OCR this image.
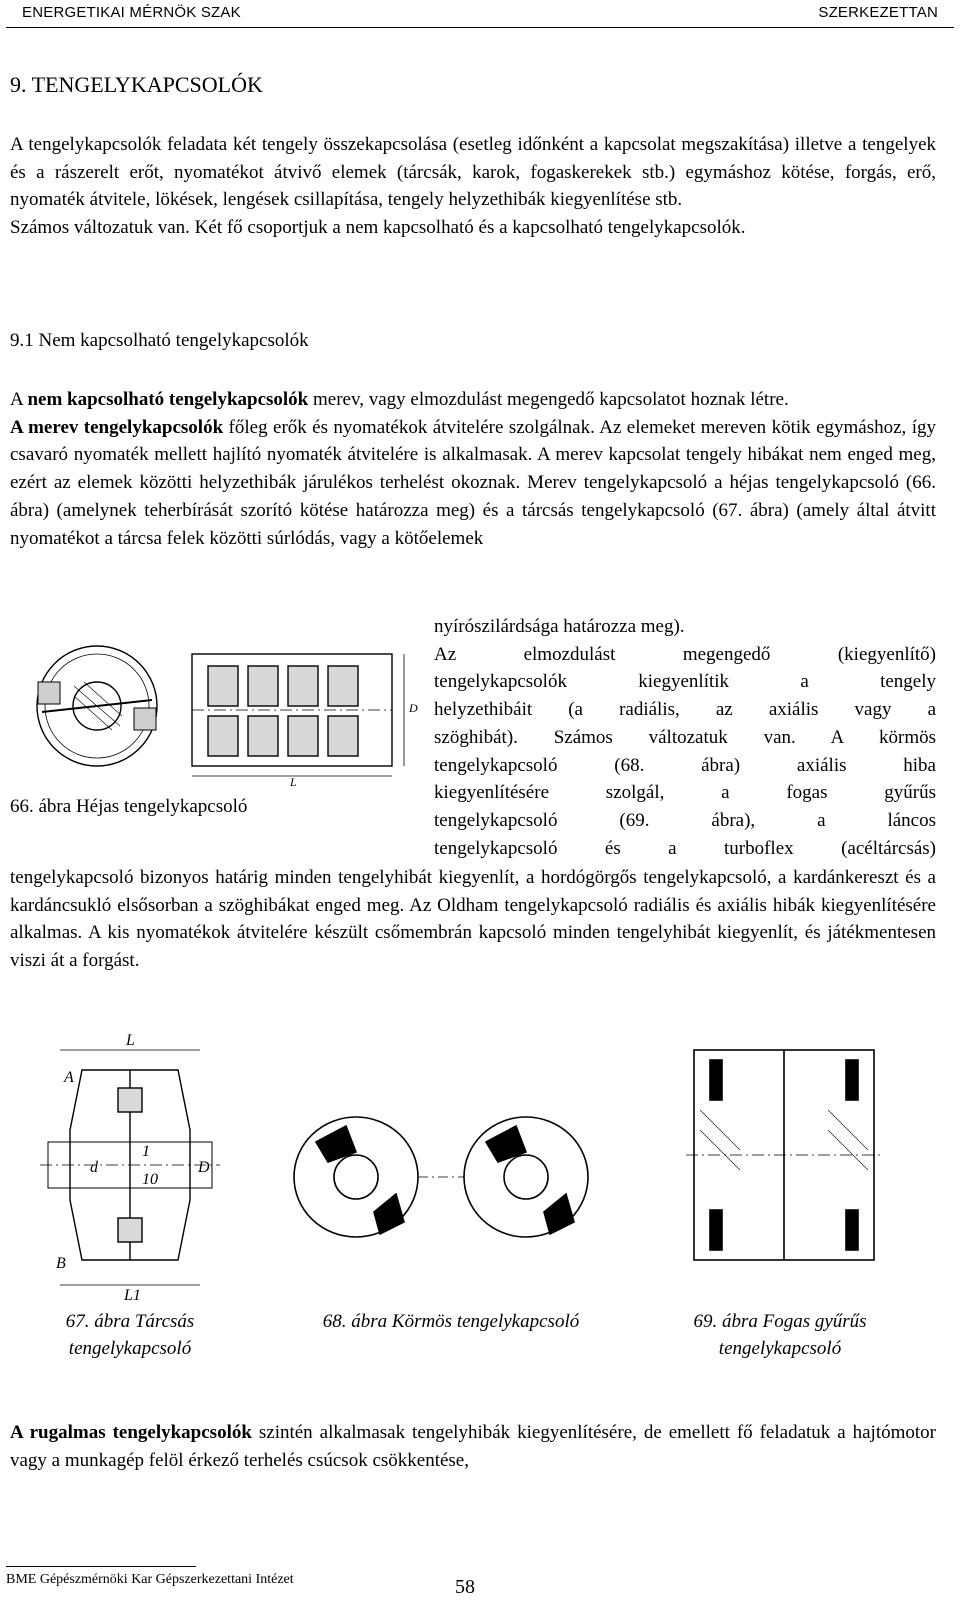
ENERGETIKAI MÉRNÖK SZAK	SZERKEZETTAN
9. TENGELYKAPCSOLÓK

A tengelykapcsolók feladata két tengely összekapcsolása (esetleg időnként a kapcsolat megszakítása) illetve a tengelyek és a rászerelt erőt, nyomatékot átvivő elemek (tárcsák, karok, fogaskerekek stb.) egymáshoz kötése, forgás, erő, nyomaték átvitele, lökések, lengések csillapítása, tengely helyzethibák kiegyenlítése stb.

Számos változatuk van. Két fő csoportjuk a nem kapcsolható és a kapcsolható tengelykapcsolók.

9.1 Nem kapcsolható tengelykapcsolók

A nem kapcsolható tengelykapcsolók merev, vagy elmozdulást megengedő kapcsolatot hoznak létre.

A merev tengelykapcsolók főleg erők és nyomatékok átvitelére szolgálnak. Az elemeket mereven kötik egymáshoz, így csavaró nyomaték mellett hajlító nyomaték átvitelére is alkalmasak. A merev kapcsolat tengely hibákat nem enged meg, ezért az elemek közötti helyzethibák járulékos terhelést okoznak. Merev tengelykapcsoló a héjas tengelykapcsoló (66. ábra) (amelynek teherbírását szorító kötése határozza meg) és a tárcsás tengelykapcsoló (67. ábra) (amely által átvitt nyomatékot a tárcsa felek közötti súrlódás, vagy a kötőelemek

nyírószilárdsága határozza meg).

Az elmozdulást megengedő (kiegyenlítő)
tengelykapcsolók kiegyenlítik a tengely
helyzethibáit (a radiális, az axiális vagy a
szöghibát). Számos változatuk van. A körmös
tengelykapcsoló (68. ábra) axiális hiba
kiegyenlítésére szolgál, a fogas gyűrűs
tengelykapcsoló (69. ábra), a láncos
tengelykapcsoló és a turboflex (acéltárcsás)
L
D
66. ábra Héjas tengelykapcsoló

tengelykapcsoló bizonyos határig minden tengelyhibát kiegyenlít, a hordógörgős tengelykapcsoló, a kardánkereszt és a kardáncsukló elsősorban a szöghibákat enged meg. Az Oldham tengelykapcsoló radiális és axiális hibák kiegyenlítésére alkalmas. A kis nyomatékok átvitelére készült csőmembrán kapcsoló minden tengelyhibát kiegyenlít, és játékmentesen viszi át a forgást.

L
A
1
10
d	D
B
L1
67. ábra Tárcsás tengelykapcsoló
68. ábra Körmös tengelykapcsoló	69. ábra Fogas gyűrűs tengelykapcsoló

A rugalmas tengelykapcsolók szintén alkalmasak tengelyhibák kiegyenlítésére, de emellett fő feladatuk a hajtómotor vagy a munkagép felöl érkező terhelés csúcsok csökkentése,

BME Gépészmérnöki Kar Gépszerkezettani Intézet	58
